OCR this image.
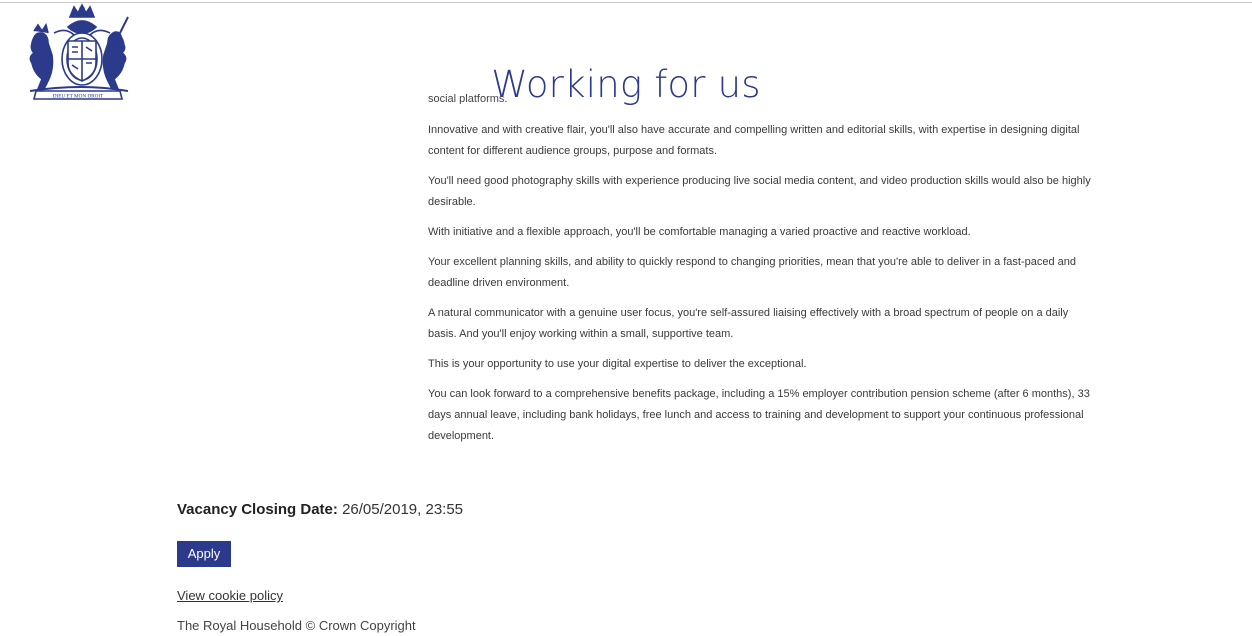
DIEU ET MON DROIT	social platforms.
Working for us

Innovative and with creative flair, you'll also have accurate and compelling written and editorial skills, with expertise in designing digital content for different audience groups, purpose and formats.

You'll need good photography skills with experience producing live social media content, and video production skills would also be highly desirable.

With initiative and a flexible approach, you'll be comfortable managing a varied proactive and reactive workload.

Your excellent planning skills, and ability to quickly respond to changing priorities, mean that you're able to deliver in a fast-paced and deadline driven environment.

A natural communicator with a genuine user focus, you're self-assured liaising effectively with a broad spectrum of people on a daily basis. And you'll enjoy working within a small, supportive team.

This is your opportunity to use your digital expertise to deliver the exceptional.

You can look forward to a comprehensive benefits package, including a 15% employer contribution pension scheme (after 6 months), 33 days annual leave, including bank holidays, free lunch and access to training and development to support your continuous professional development.

Vacancy Closing Date: 26/05/2019, 23:55
Apply
View cookie policy
The Royal Household © Crown Copyright
